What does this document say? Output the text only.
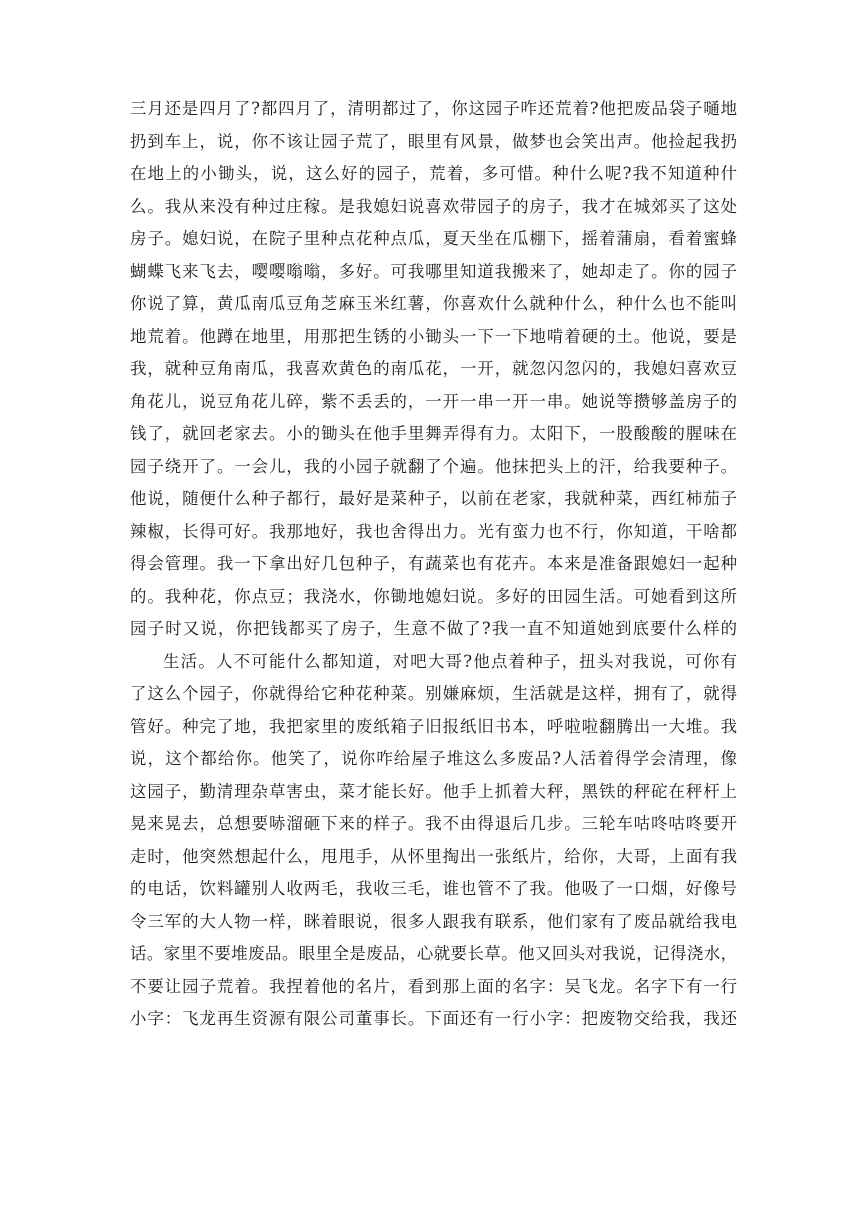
三月还是四月了?都四月了，清明都过了，你这园子咋还荒着?他把废品袋子嗵地
扔到车上，说，你不该让园子荒了，眼里有风景，做梦也会笑出声。他捡起我扔
在地上的小锄头，说，这么好的园子，荒着，多可惜。种什么呢?我不知道种什
么。我从来没有种过庄稼。是我媳妇说喜欢带园子的房子，我才在城郊买了这处
房子。媳妇说，在院子里种点花种点瓜，夏天坐在瓜棚下，摇着蒲扇，看着蜜蜂
蝴蝶飞来飞去，嘤嘤嗡嗡，多好。可我哪里知道我搬来了，她却走了。你的园子
你说了算，黄瓜南瓜豆角芝麻玉米红薯，你喜欢什么就种什么，种什么也不能叫
地荒着。他蹲在地里，用那把生锈的小锄头一下一下地啃着硬的土。他说，要是
我，就种豆角南瓜，我喜欢黄色的南瓜花，一开，就忽闪忽闪的，我媳妇喜欢豆
角花儿，说豆角花儿碎，紫不丢丢的，一开一串一开一串。她说等攒够盖房子的
钱了，就回老家去。小的锄头在他手里舞弄得有力。太阳下，一股酸酸的腥味在
园子绕开了。一会儿，我的小园子就翻了个遍。他抹把头上的汗，给我要种子。
他说，随便什么种子都行，最好是菜种子，以前在老家，我就种菜，西红柿茄子
辣椒，长得可好。我那地好，我也舍得出力。光有蛮力也不行，你知道，干啥都
得会管理。我一下拿出好几包种子，有蔬菜也有花卉。本来是准备跟媳妇一起种
的。我种花，你点豆；我浇水，你锄地媳妇说。多好的田园生活。可她看到这所
园子时又说，你把钱都买了房子，生意不做了?我一直不知道她到底要什么样的
生活。人不可能什么都知道，对吧大哥?他点着种子，扭头对我说，可你有
了这么个园子，你就得给它种花种菜。别嫌麻烦，生活就是这样，拥有了，就得
管好。种完了地，我把家里的废纸箱子旧报纸旧书本，呼啦啦翻腾出一大堆。我
说，这个都给你。他笑了，说你咋给屋子堆这么多废品?人活着得学会清理，像
这园子，勤清理杂草害虫，菜才能长好。他手上抓着大秤，黑铁的秤砣在秤杆上
晃来晃去，总想要哧溜砸下来的样子。我不由得退后几步。三轮车咕咚咕咚要开
走时，他突然想起什么，甩甩手，从怀里掏出一张纸片，给你，大哥，上面有我
的电话，饮料罐别人收两毛，我收三毛，谁也管不了我。他吸了一口烟，好像号
令三军的大人物一样，眯着眼说，很多人跟我有联系，他们家有了废品就给我电
话。家里不要堆废品。眼里全是废品，心就要长草。他又回头对我说，记得浇水，
不要让园子荒着。我捏着他的名片，看到那上面的名字：吴飞龙。名字下有一行
小字：飞龙再生资源有限公司董事长。下面还有一行小字：把废物交给我，我还
